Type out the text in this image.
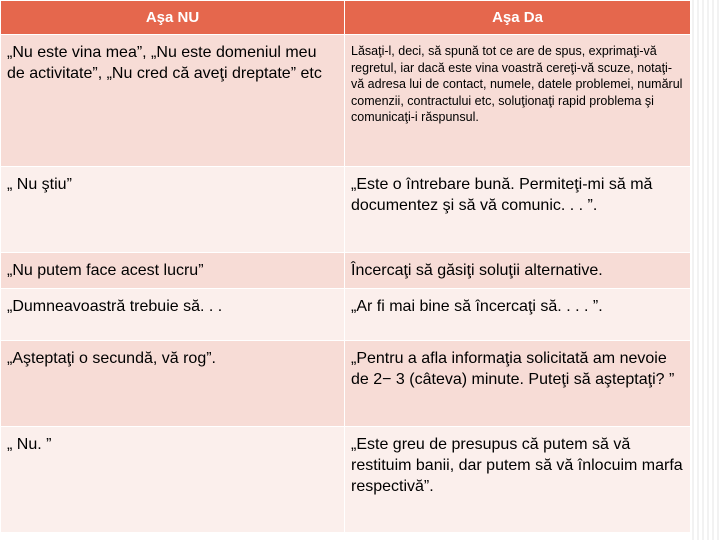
Aşa NU	Aşa Da
„Nu este vina mea”, „Nu este domeniul meu de activitate”, „Nu cred că aveţi dreptate” etc	Lăsaţi-l, deci, să spună tot ce are de spus, exprimaţi-vă regretul, iar dacă este vina voastră cereţi-vă scuze, notaţi-vă adresa lui de contact, numele, datele problemei, numărul comenzii, contractului etc, soluţionaţi rapid problema şi comunicaţi-i răspunsul.
„ Nu ştiu”	„Este o întrebare bună. Permiteţi-mi să mă documentez şi să vă comunic. . . ”.
„Nu putem face acest lucru”	Încercaţi să găsiţi soluţii alternative.
„Dumneavoastră trebuie să. . .	„Ar fi mai bine să încercaţi să. . . . ”.
„Aşteptaţi o secundă, vă rog”.	„Pentru a afla informaţia solicitată am nevoie de 2− 3 (câteva) minute. Puteţi să aşteptaţi? ”
„ Nu. ”	„Este greu de presupus că putem să vă restituim banii, dar putem să vă înlocuim marfa respectivă”.
